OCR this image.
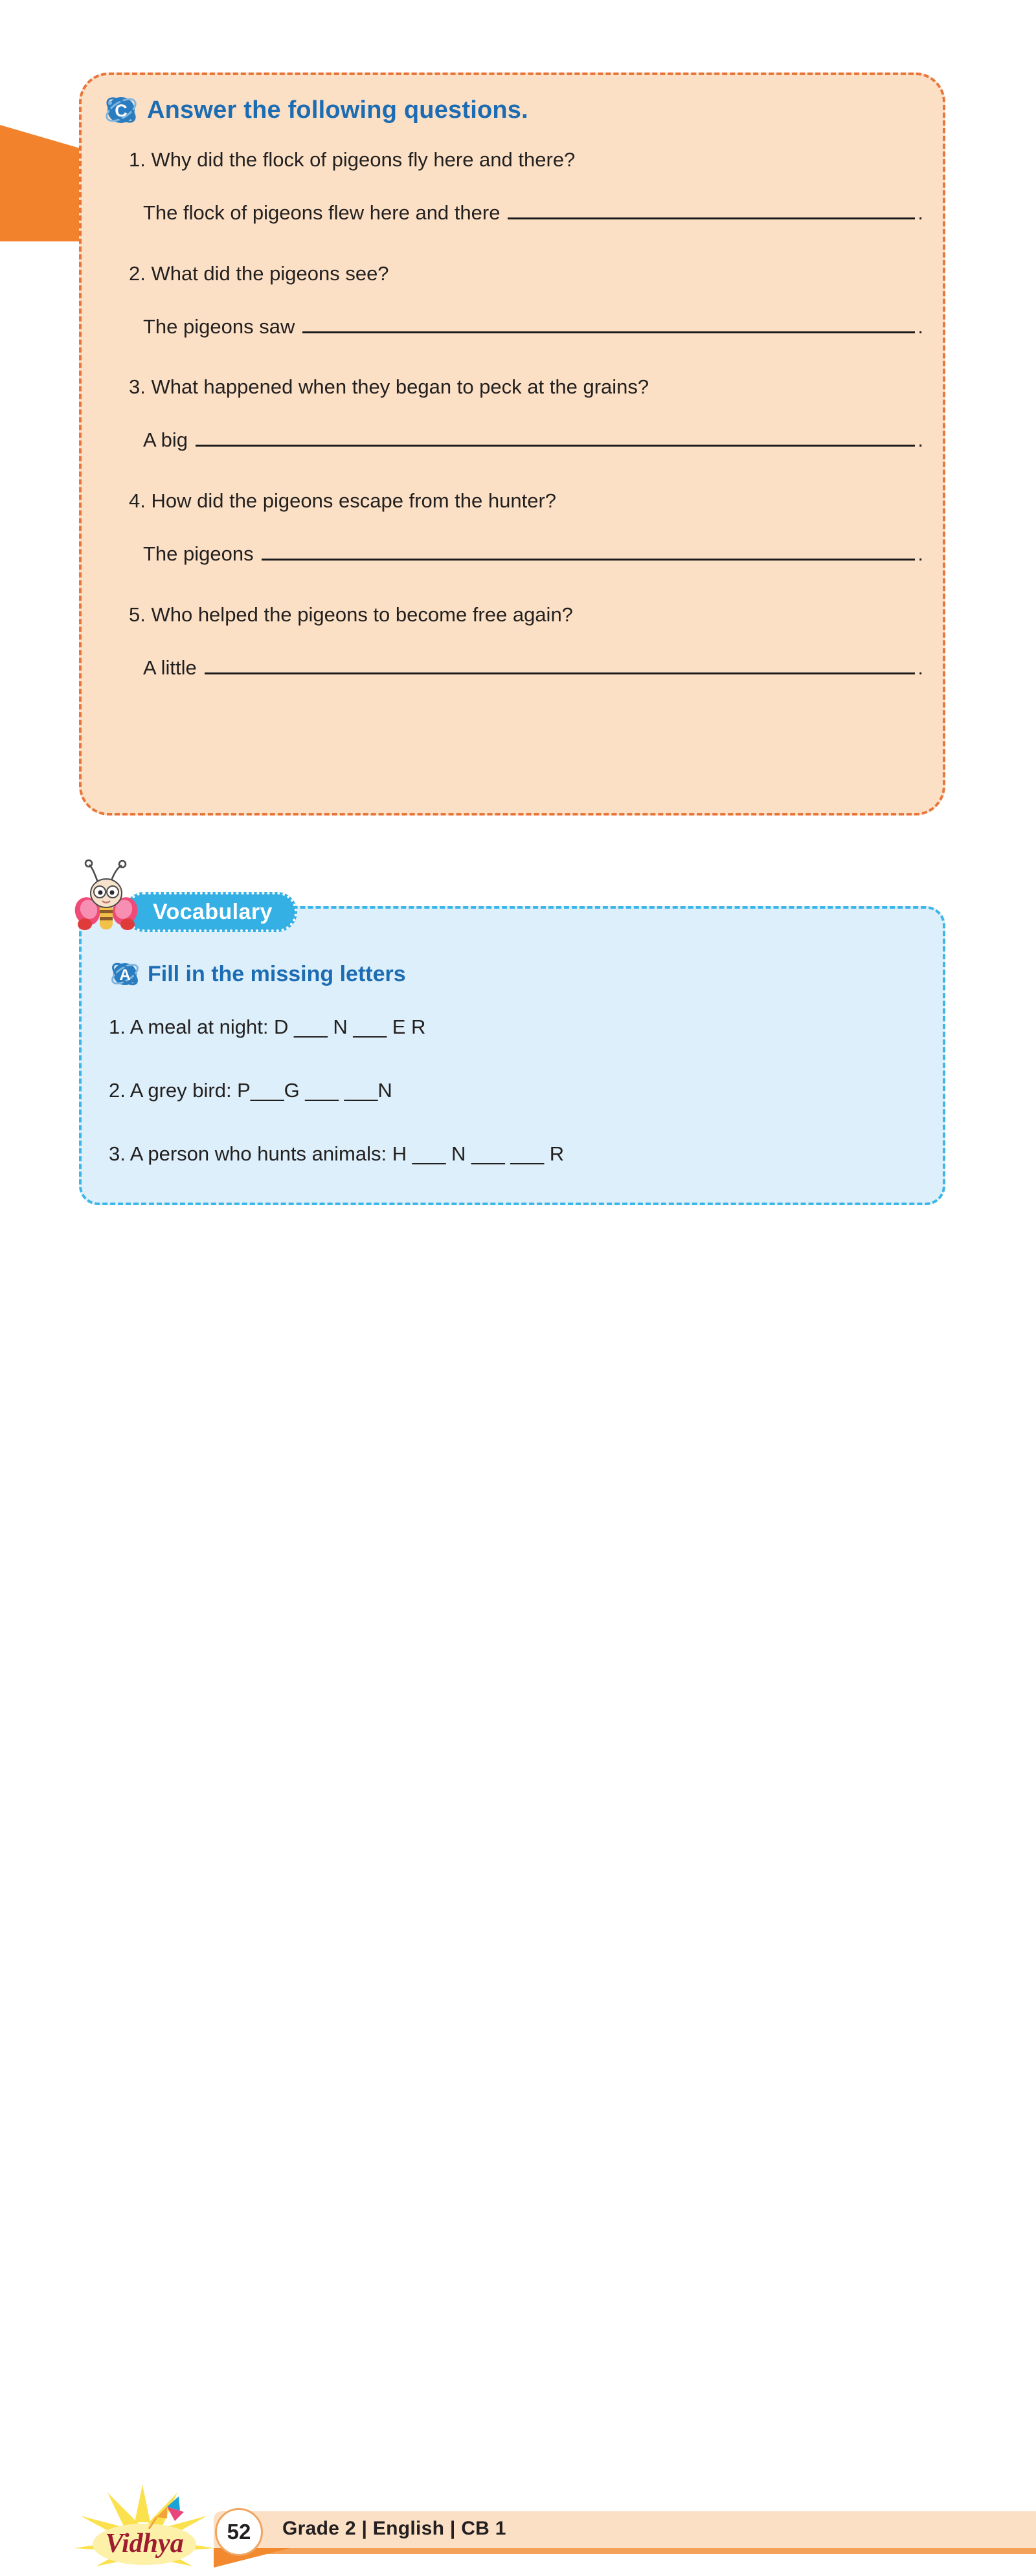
C Answer the following questions.
1. Why did the flock of pigeons fly here and there?
The flock of pigeons flew here and there	.
2. What did the pigeons see?
The pigeons saw	.
3. What happened when they began to peck at the grains?
A big	.
4. How did the pigeons escape from the hunter?
The pigeons	.
5. Who helped the pigeons to become free again?
A little	.
A Fill in the missing letters
1. A meal at night: D ___ N ___ E R
2. A grey bird: P___G ___ ___N
3. A person who hunts animals: H ___ N ___ ___ R
Vocabulary
Vidhya 52 Grade 2 | English | CB 1
